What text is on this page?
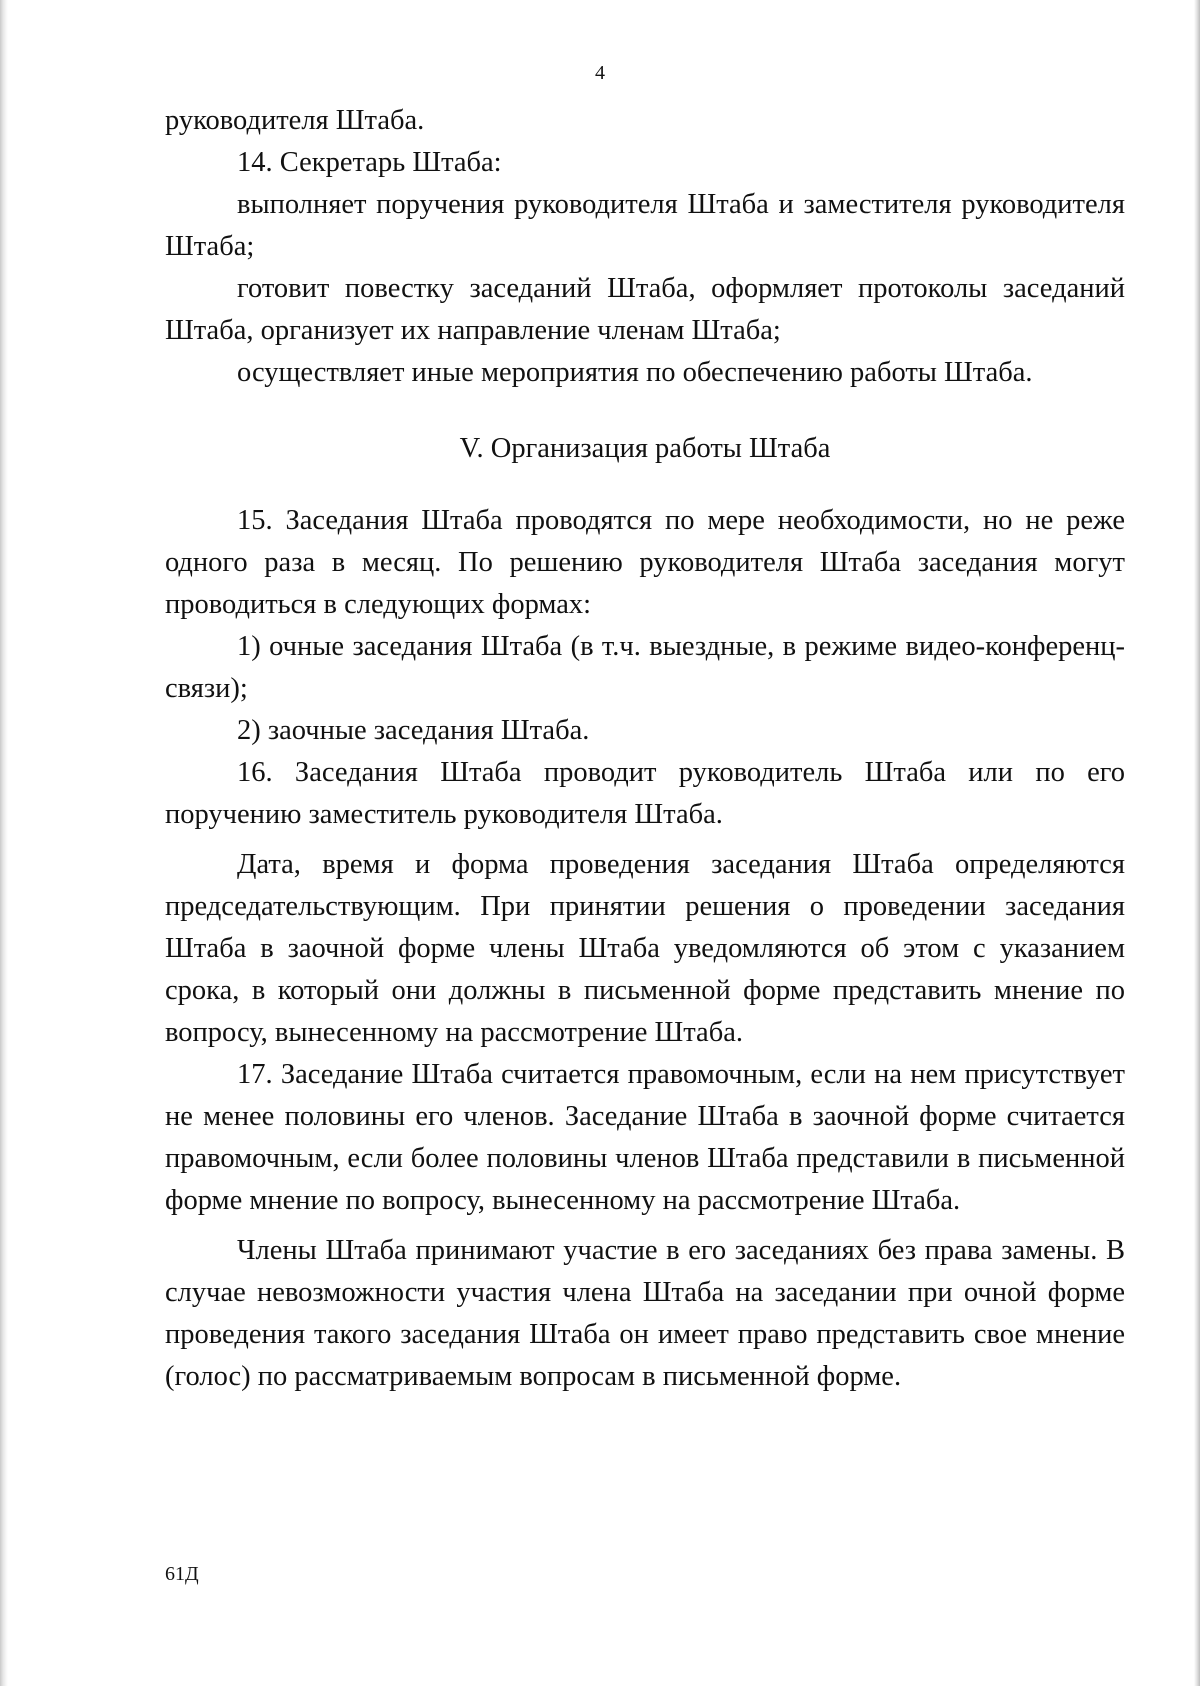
4

руководителя Штаба.

14. Секретарь Штаба:

выполняет поручения руководителя Штаба и заместителя руководителя Штаба;

готовит повестку заседаний Штаба, оформляет протоколы заседаний Штаба, организует их направление членам Штаба;

осуществляет иные мероприятия по обеспечению работы Штаба.

V. Организация работы Штаба

15. Заседания Штаба проводятся по мере необходимости, но не реже одного раза в месяц. По решению руководителя Штаба заседания могут проводиться в следующих формах:

1) очные заседания Штаба (в т.ч. выездные, в режиме видео-конференц-связи);

2) заочные заседания Штаба.

16. Заседания Штаба проводит руководитель Штаба или по его поручению заместитель руководителя Штаба.

Дата, время и форма проведения заседания Штаба определяются председательствующим. При принятии решения о проведении заседания Штаба в заочной форме члены Штаба уведомляются об этом с указанием срока, в который они должны в письменной форме представить мнение по вопросу, вынесенному на рассмотрение Штаба.

17. Заседание Штаба считается правомочным, если на нем присутствует не менее половины его членов. Заседание Штаба в заочной форме считается правомочным, если более половины членов Штаба представили в письменной форме мнение по вопросу, вынесенному на рассмотрение Штаба.

Члены Штаба принимают участие в его заседаниях без права замены. В случае невозможности участия члена Штаба на заседании при очной форме проведения такого заседания Штаба он имеет право представить свое мнение (голос) по рассматриваемым вопросам в письменной форме.

61Д
